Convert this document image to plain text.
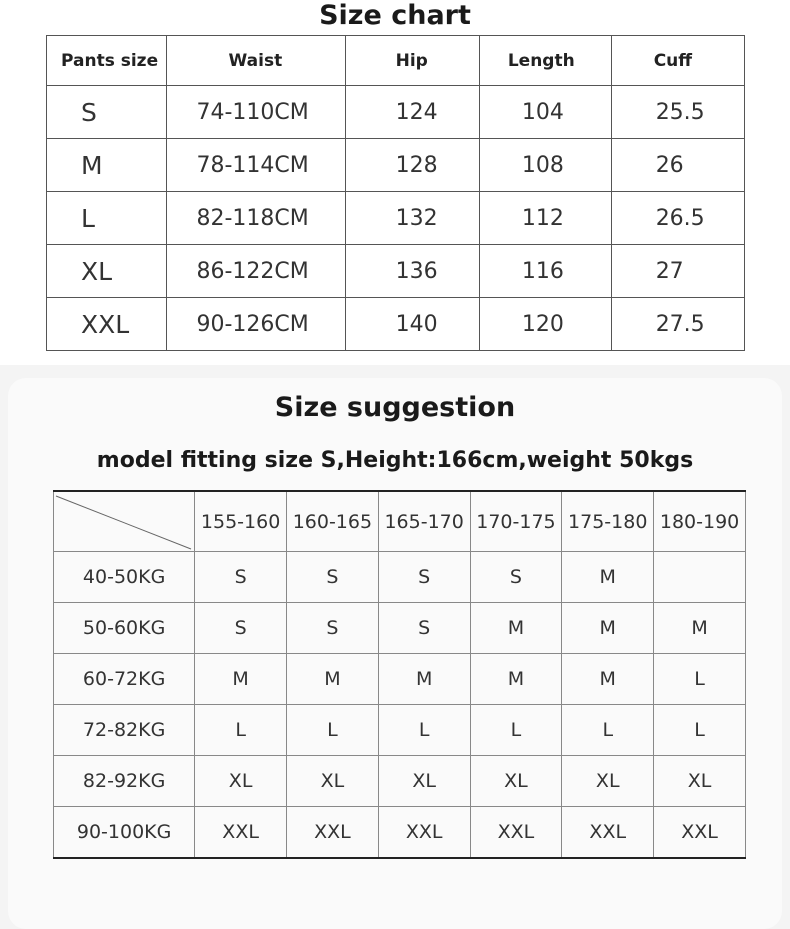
Size chart
Pants size	Waist	Hip	Length	Cuff
S	74-110CM	124	104	25.5
M	78-114CM	128	108	26
L	82-118CM	132	112	26.5
XL	86-122CM	136	116	27
XXL	90-126CM	140	120	27.5
Size suggestion
model fitting size S,Height:166cm,weight 50kgs
	155-160	160-165	165-170	170-175	175-180	180-190
40-50KG	S	S	S	S	M	
50-60KG	S	S	S	M	M	M
60-72KG	M	M	M	M	M	L
72-82KG	L	L	L	L	L	L
82-92KG	XL	XL	XL	XL	XL	XL
90-100KG	XXL	XXL	XXL	XXL	XXL	XXL
